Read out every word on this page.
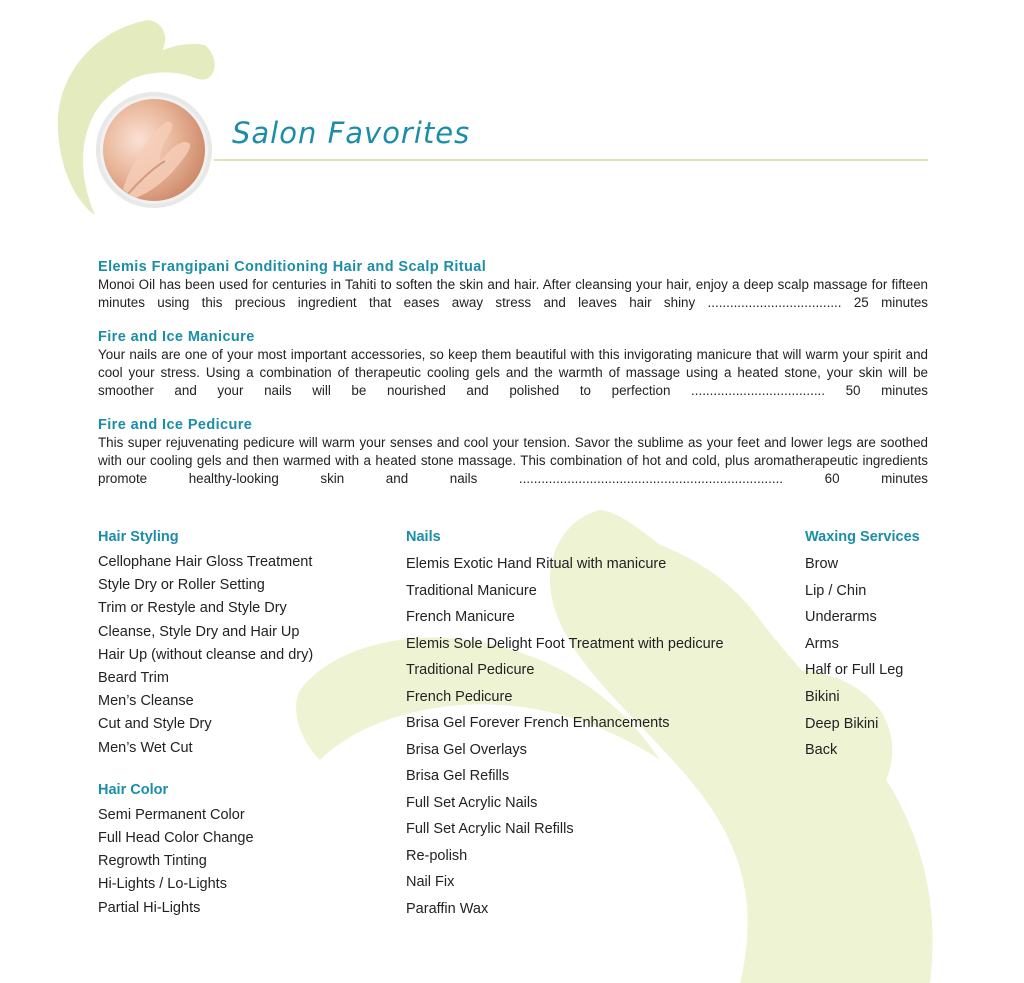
Salon Favorites
Elemis Frangipani Conditioning Hair and Scalp Ritual
Monoi Oil has been used for centuries in Tahiti to soften the skin and hair. After cleansing your hair, enjoy a deep scalp massage for fifteen minutes using this precious ingredient that eases away stress and leaves hair shiny .................................... 25 minutes
Fire and Ice Manicure
Your nails are one of your most important accessories, so keep them beautiful with this invigorating manicure that will warm your spirit and cool your stress. Using a combination of therapeutic cooling gels and the warmth of massage using a heated stone, your skin will be smoother and your nails will be nourished and polished to perfection .................................... 50 minutes
Fire and Ice Pedicure
This super rejuvenating pedicure will warm your senses and cool your tension. Savor the sublime as your feet and lower legs are soothed with our cooling gels and then warmed with a heated stone massage. This combination of hot and cold, plus aromatherapeutic ingredients promote healthy-looking skin and nails ....................................................................... 60 minutes
Hair Styling
Cellophane Hair Gloss Treatment
Style Dry or Roller Setting
Trim or Restyle and Style Dry
Cleanse, Style Dry and Hair Up
Hair Up (without cleanse and dry)
Beard Trim
Men’s Cleanse
Cut and Style Dry
Men’s Wet Cut
Hair Color
Semi Permanent Color
Full Head Color Change
Regrowth Tinting
Hi-Lights / Lo-Lights
Partial Hi-Lights
Nails
Elemis Exotic Hand Ritual with manicure
Traditional Manicure
French Manicure
Elemis Sole Delight Foot Treatment with pedicure
Traditional Pedicure
French Pedicure
Brisa Gel Forever French Enhancements
Brisa Gel Overlays
Brisa Gel Refills
Full Set Acrylic Nails
Full Set Acrylic Nail Refills
Re-polish
Nail Fix
Paraffin Wax
Waxing Services
Brow
Lip / Chin
Underarms
Arms
Half or Full Leg
Bikini
Deep Bikini
Back
